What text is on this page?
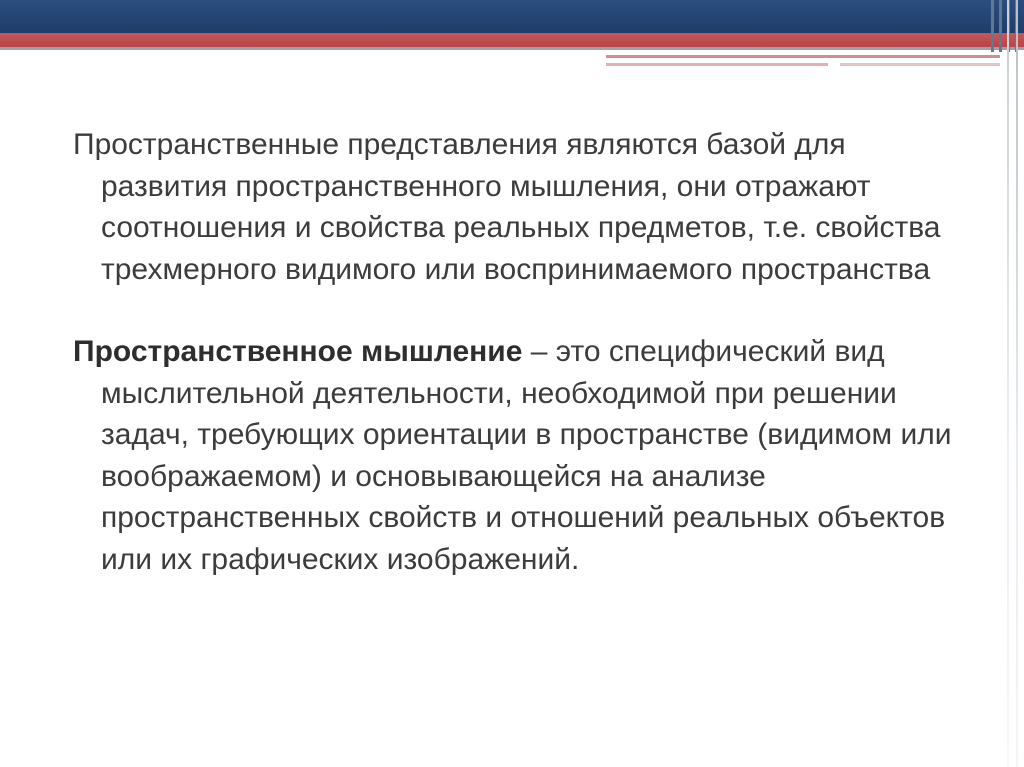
Пространственные представления являются базой для развития пространственного мышления, они отражают соотношения и свойства реальных предметов, т.е. свойства трехмерного видимого или воспринимаемого пространства

Пространственное мышление – это специфический вид мыслительной деятельности, необходимой при решении задач, требующих ориентации в пространстве (видимом или воображаемом) и основывающейся на анализе пространственных свойств и отношений реальных объектов или их графических изображений.
